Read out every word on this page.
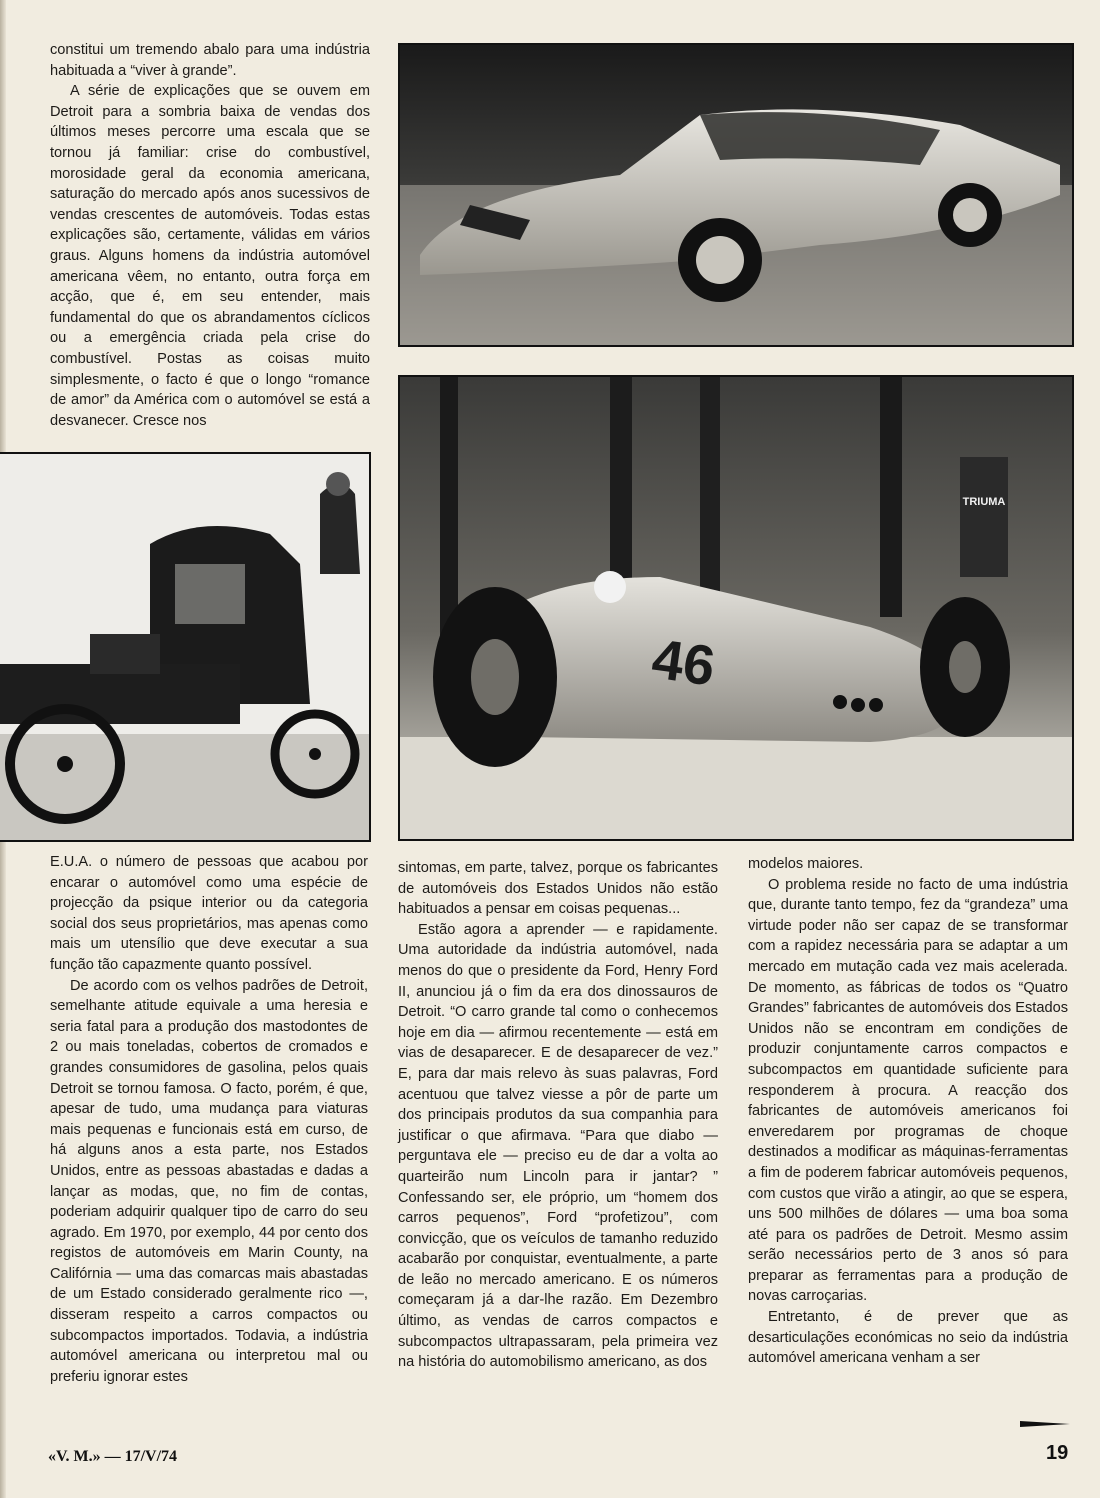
constitui um tremendo abalo para uma indústria habituada a “viver à grande”.

A série de explicações que se ouvem em Detroit para a sombria baixa de vendas dos últimos meses percorre uma escala que se tornou já familiar: crise do combustível, morosidade geral da economia americana, saturação do mercado após anos sucessivos de vendas crescentes de automóveis. Todas estas explicações são, certamente, válidas em vários graus. Alguns homens da indústria automóvel americana vêem, no entanto, outra força em acção, que é, em seu entender, mais fundamental do que os abrandamentos cíclicos ou a emergência criada pela crise do combustível. Postas as coisas muito simplesmente, o facto é que o longo “romance de amor” da América com o automóvel se está a desvanecer. Cresce nos

TRIUMA
46

E.U.A. o número de pessoas que acabou por encarar o automóvel como uma espécie de projecção da psique interior ou da categoria social dos seus proprietários, mas apenas como mais um utensílio que deve executar a sua função tão capazmente quanto possível.

De acordo com os velhos padrões de Detroit, semelhante atitude equivale a uma heresia e seria fatal para a produção dos mastodontes de 2 ou mais toneladas, cobertos de cromados e grandes consumidores de gasolina, pelos quais Detroit se tornou famosa. O facto, porém, é que, apesar de tudo, uma mudança para viaturas mais pequenas e funcionais está em curso, de há alguns anos a esta parte, nos Estados Unidos, entre as pessoas abastadas e dadas a lançar as modas, que, no fim de contas, poderiam adquirir qualquer tipo de carro do seu agrado. Em 1970, por exemplo, 44 por cento dos registos de automóveis em Marin County, na Califórnia — uma das comarcas mais abastadas de um Estado considerado geralmente rico —, disseram respeito a carros compactos ou subcompactos importados. Todavia, a indústria automóvel americana ou interpretou mal ou preferiu ignorar estes

sintomas, em parte, talvez, porque os fabricantes de automóveis dos Estados Unidos não estão habituados a pensar em coisas pequenas...

Estão agora a aprender — e rapidamente. Uma autoridade da indústria automóvel, nada menos do que o presidente da Ford, Henry Ford II, anunciou já o fim da era dos dinossauros de Detroit. “O carro grande tal como o conhecemos hoje em dia — afirmou recentemente — está em vias de desaparecer. E de desaparecer de vez.” E, para dar mais relevo às suas palavras, Ford acentuou que talvez viesse a pôr de parte um dos principais produtos da sua companhia para justificar o que afirmava. “Para que diabo — perguntava ele — preciso eu de dar a volta ao quarteirão num Lincoln para ir jantar? ” Confessando ser, ele próprio, um “homem dos carros pequenos”, Ford “profetizou”, com convicção, que os veículos de tamanho reduzido acabarão por conquistar, eventualmente, a parte de leão no mercado americano. E os números começaram já a dar-lhe razão. Em Dezembro último, as vendas de carros compactos e subcompactos ultrapassaram, pela primeira vez na história do automobilismo americano, as dos

modelos maiores.

O problema reside no facto de uma indústria que, durante tanto tempo, fez da “grandeza” uma virtude poder não ser capaz de se transformar com a rapidez necessária para se adaptar a um mercado em mutação cada vez mais acelerada. De momento, as fábricas de todos os “Quatro Grandes” fabricantes de automóveis dos Estados Unidos não se encontram em condições de produzir conjuntamente carros compactos e subcompactos em quantidade suficiente para responderem à procura. A reacção dos fabricantes de automóveis americanos foi enveredarem por programas de choque destinados a modificar as máquinas-ferramentas a fim de poderem fabricar automóveis pequenos, com custos que virão a atingir, ao que se espera, uns 500 milhões de dólares — uma boa soma até para os padrões de Detroit. Mesmo assim serão necessários perto de 3 anos só para preparar as ferramentas para a produção de novas carroçarias.

Entretanto, é de prever que as desarticulações económicas no seio da indústria automóvel americana venham a ser

«V. M.» — 17/V/74	19
